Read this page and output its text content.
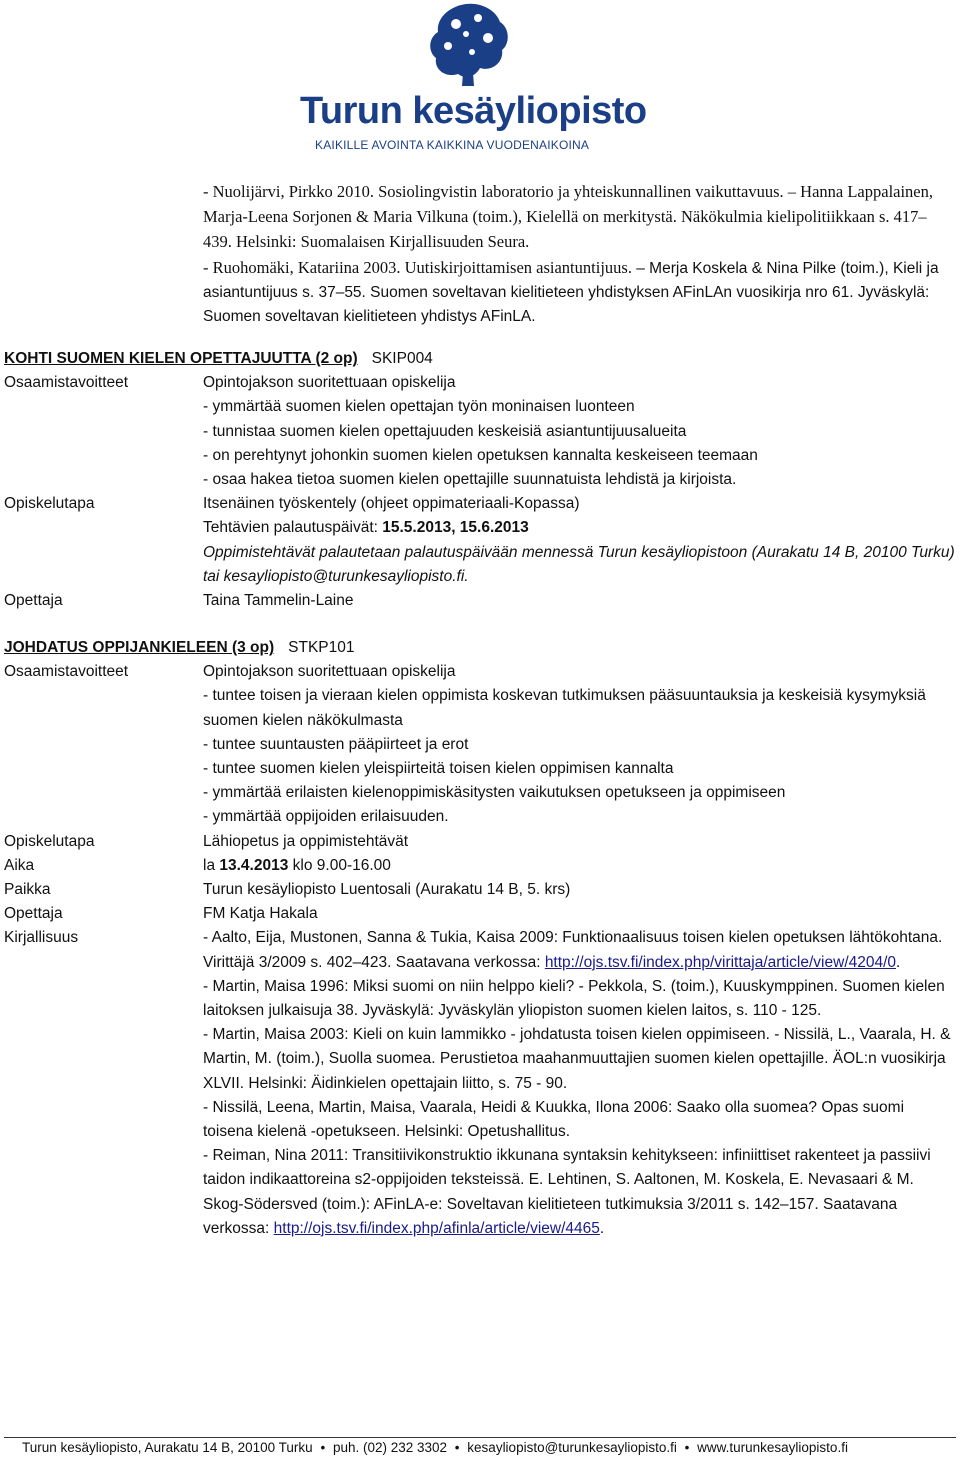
Turun kesäyliopisto
KAIKILLE AVOINTA KAIKKINA VUODENAIKOINA
- Nuolijärvi, Pirkko 2010. Sosiolingvistin laboratorio ja yhteiskunnallinen vaikuttavuus. – Hanna Lappalainen, Marja-Leena Sorjonen & Maria Vilkuna (toim.), Kielellä on merkitystä. Näkökulmia kielipolitiikkaan s. 417–439. Helsinki: Suomalaisen Kirjallisuuden Seura.
- Ruohomäki, Katariina 2003. Uutiskirjoittamisen asiantuntijuus. – Merja Koskela & Nina Pilke (toim.), Kieli ja asiantuntijuus s. 37–55. Suomen soveltavan kielitieteen yhdistyksen AFinLAn vuosikirja nro 61. Jyväskylä: Suomen soveltavan kielitieteen yhdistys AFinLA.
KOHTI SUOMEN KIELEN OPETTAJUUTTA (2 op) SKIP004
Osaamistavoitteet	Opintojakson suoritettuaan opiskelija
- ymmärtää suomen kielen opettajan työn moninaisen luonteen
- tunnistaa suomen kielen opettajuuden keskeisiä asiantuntijuusalueita
- on perehtynyt johonkin suomen kielen opetuksen kannalta keskeiseen teemaan
- osaa hakea tietoa suomen kielen opettajille suunnatuista lehdistä ja kirjoista.
Opiskelutapa	Itsenäinen työskentely (ohjeet oppimateriaali-Kopassa)
Tehtävien palautuspäivät: 15.5.2013, 15.6.2013
Oppimistehtävät palautetaan palautuspäivään mennessä Turun kesäyliopistoon (Aurakatu 14 B, 20100 Turku) tai kesayliopisto@turunkesayliopisto.fi.
Opettaja	Taina Tammelin-Laine
JOHDATUS OPPIJANKIELEEN (3 op) STKP101
Osaamistavoitteet	Opintojakson suoritettuaan opiskelija
- tuntee toisen ja vieraan kielen oppimista koskevan tutkimuksen pääsuuntauksia ja keskeisiä kysymyksiä suomen kielen näkökulmasta
- tuntee suuntausten pääpiirteet ja erot
- tuntee suomen kielen yleispiirteitä toisen kielen oppimisen kannalta
- ymmärtää erilaisten kielenoppimiskäsitysten vaikutuksen opetukseen ja oppimiseen
- ymmärtää oppijoiden erilaisuuden.
Opiskelutapa	Lähiopetus ja oppimistehtävät
Aika	la 13.4.2013 klo 9.00-16.00
Paikka	Turun kesäyliopisto Luentosali (Aurakatu 14 B, 5. krs)
Opettaja	FM Katja Hakala
Kirjallisuus	- Aalto, Eija, Mustonen, Sanna & Tukia, Kaisa 2009: Funktionaalisuus toisen kielen opetuksen lähtökohtana. Virittäjä 3/2009 s. 402–423. Saatavana verkossa: http://ojs.tsv.fi/index.php/virittaja/article/view/4204/0.
- Martin, Maisa 1996: Miksi suomi on niin helppo kieli? - Pekkola, S. (toim.), Kuuskymppinen. Suomen kielen laitoksen julkaisuja 38. Jyväskylä: Jyväskylän yliopiston suomen kielen laitos, s. 110 - 125.
- Martin, Maisa 2003: Kieli on kuin lammikko - johdatusta toisen kielen oppimiseen. - Nissilä, L., Vaarala, H. & Martin, M. (toim.), Suolla suomea. Perustietoa maahanmuuttajien suomen kielen opettajille. ÄOL:n vuosikirja XLVII. Helsinki: Äidinkielen opettajain liitto, s. 75 - 90.
- Nissilä, Leena, Martin, Maisa, Vaarala, Heidi & Kuukka, Ilona 2006: Saako olla suomea? Opas suomi toisena kielenä -opetukseen. Helsinki: Opetushallitus.
- Reiman, Nina 2011: Transitiivikonstruktio ikkunana syntaksin kehitykseen: infiniittiset rakenteet ja passiivi taidon indikaattoreina s2-oppijoiden teksteissä. E. Lehtinen, S. Aaltonen, M. Koskela, E. Nevasaari & M. Skog-Södersved (toim.): AFinLA-e: Soveltavan kielitieteen tutkimuksia 3/2011 s. 142–157. Saatavana verkossa: http://ojs.tsv.fi/index.php/afinla/article/view/4465.
Turun kesäyliopisto, Aurakatu 14 B, 20100 Turku • puh. (02) 232 3302 • kesayliopisto@turunkesayliopisto.fi • www.turunkesayliopisto.fi
